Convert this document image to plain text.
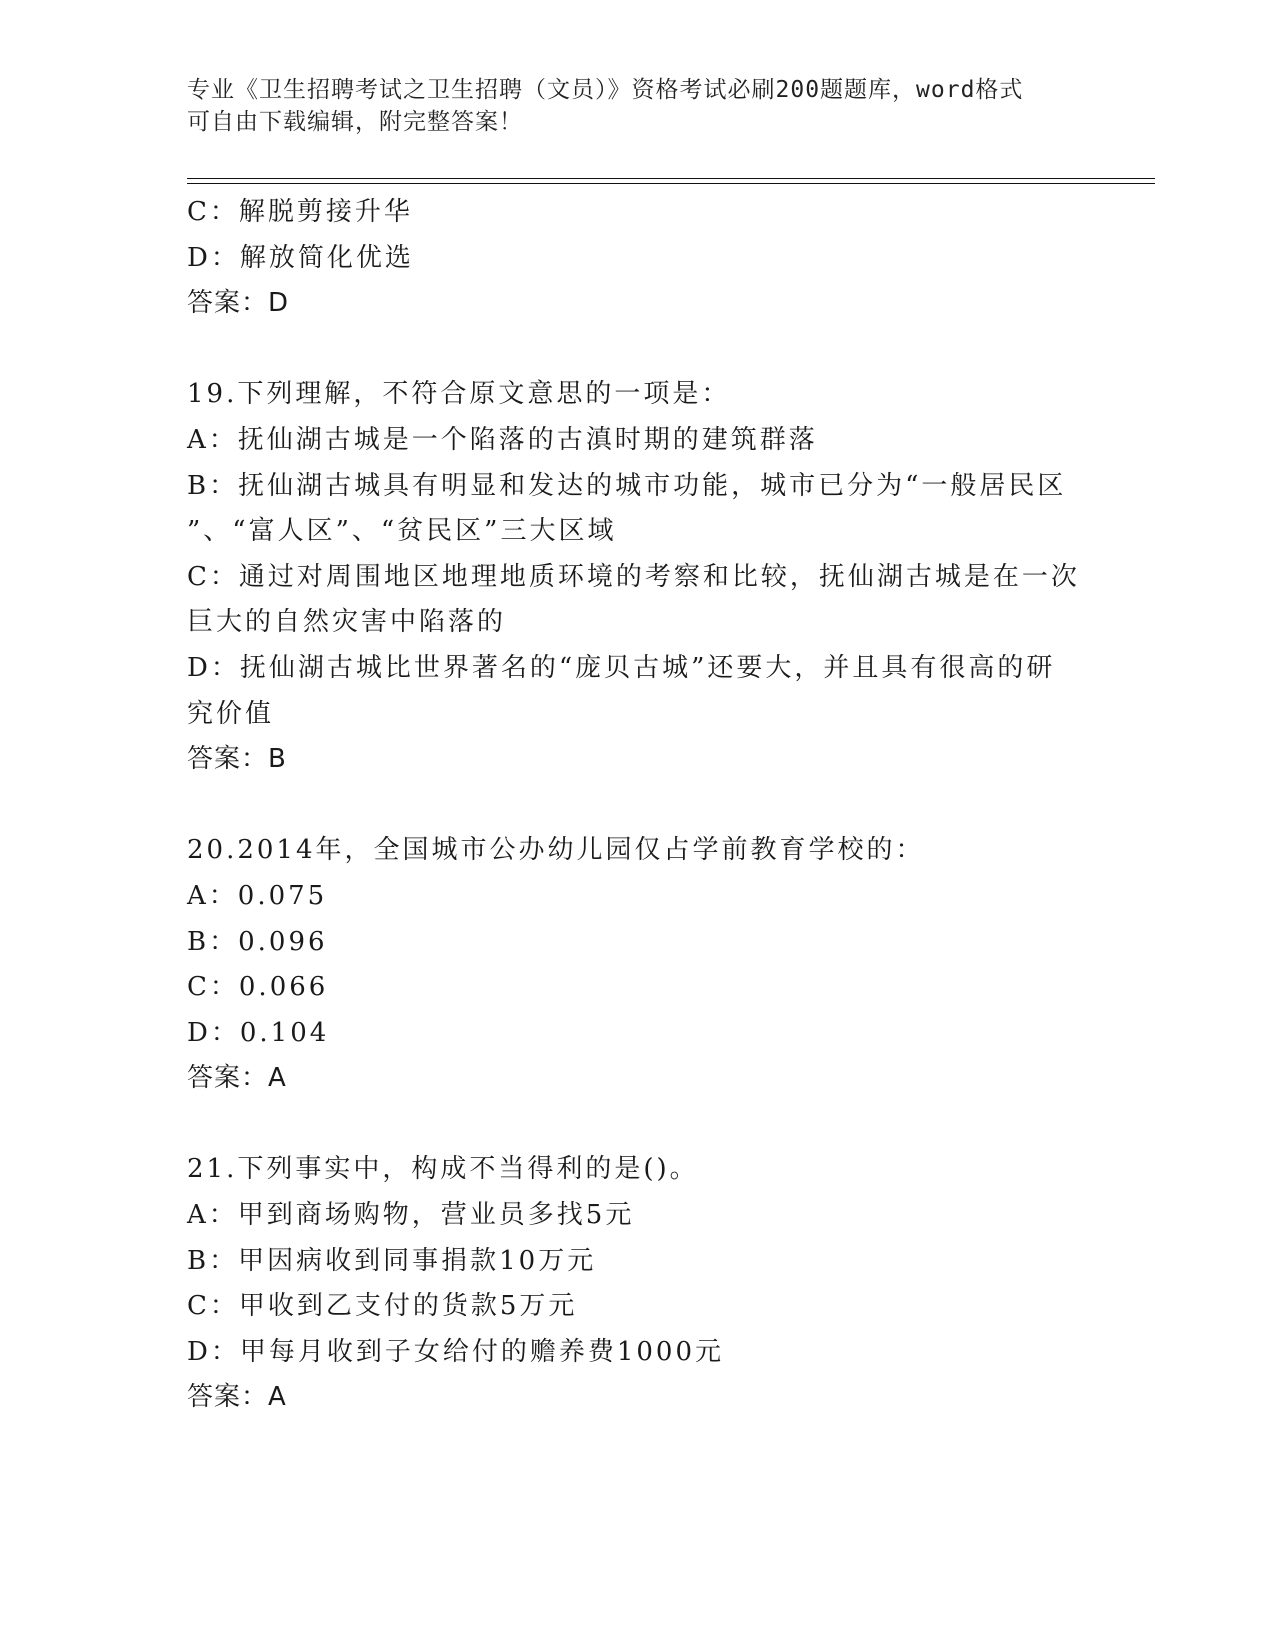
专业《卫生招聘考试之卫生招聘（文员）》资格考试必刷200题题库，word格式
可自由下载编辑，附完整答案！
C：解脱剪接升华
D：解放简化优选
答案：D
19.下列理解，不符合原文意思的一项是：
A：抚仙湖古城是一个陷落的古滇时期的建筑群落
B：抚仙湖古城具有明显和发达的城市功能，城市已分为“一般居民区
”、“富人区”、“贫民区”三大区域
C：通过对周围地区地理地质环境的考察和比较，抚仙湖古城是在一次
巨大的自然灾害中陷落的
D：抚仙湖古城比世界著名的“庞贝古城”还要大，并且具有很高的研
究价值
答案：B
20.2014年，全国城市公办幼儿园仅占学前教育学校的：
A：0.075
B：0.096
C：0.066
D：0.104
答案：A
21.下列事实中，构成不当得利的是()。
A：甲到商场购物，营业员多找5元
B：甲因病收到同事捐款10万元
C：甲收到乙支付的货款5万元
D：甲每月收到子女给付的赡养费1000元
答案：A
